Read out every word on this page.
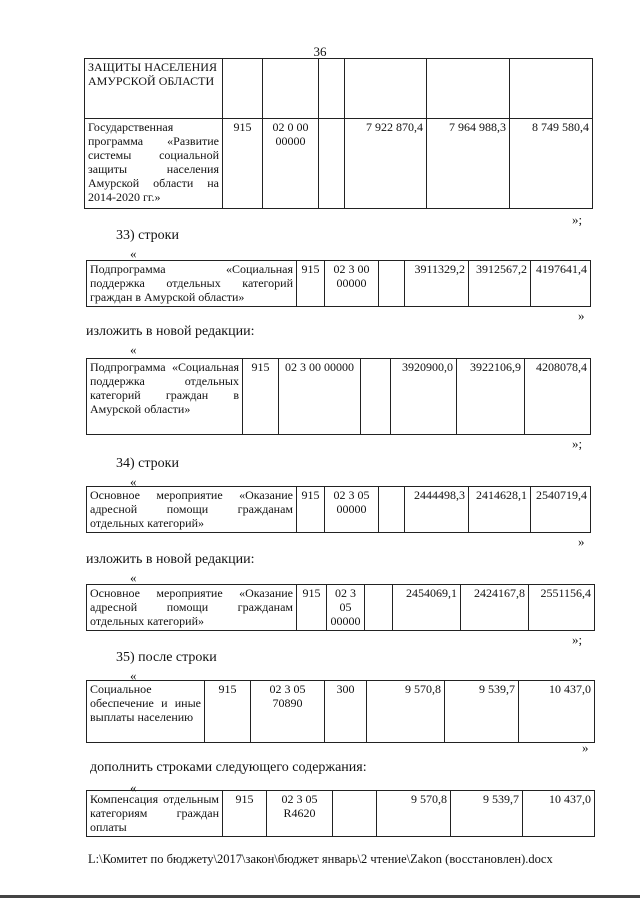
36
ЗАЩИТЫ НАСЕЛЕНИЯ АМУРСКОЙ ОБЛАСТИ						
Государственная программа «Развитие системы социальной защиты населения Амурской области на 2014-2020 гг.»	915	02 0 00 00000		7 922 870,4	7 964 988,3	8 749 580,4
»;
33) строки
«
Подпрограмма «Социальная поддержка отдельных категорий граждан в Амурской области»	915	02 3 00 00000		3911329,2	3912567,2	4197641,4
»
изложить в новой редакции:
«
Подпрограмма «Социальная поддержка отдельных категорий граждан в Амурской области»	915	02 3 00 00000		3920900,0	3922106,9	4208078,4
»;
34) строки
«
Основное мероприятие «Оказание адресной помощи гражданам отдельных категорий»	915	02 3 05 00000		2444498,3	2414628,1	2540719,4
»
изложить в новой редакции:
«
Основное мероприятие «Оказание адресной помощи гражданам отдельных категорий»	915	02 3 05 00000		2454069,1	2424167,8	2551156,4
»;
35) после строки
«
Социальное обеспечение и иные выплаты населению	915	02 3 05 70890	300	9 570,8	9 539,7	10 437,0
»
дополнить строками следующего содержания:
«
Компенсация отдельным категориям граждан оплаты	915	02 3 05 R4620		9 570,8	9 539,7	10 437,0
L:\Комитет по бюджету\2017\закон\бюджет январь\2 чтение\Zakon (восстановлен).docx
